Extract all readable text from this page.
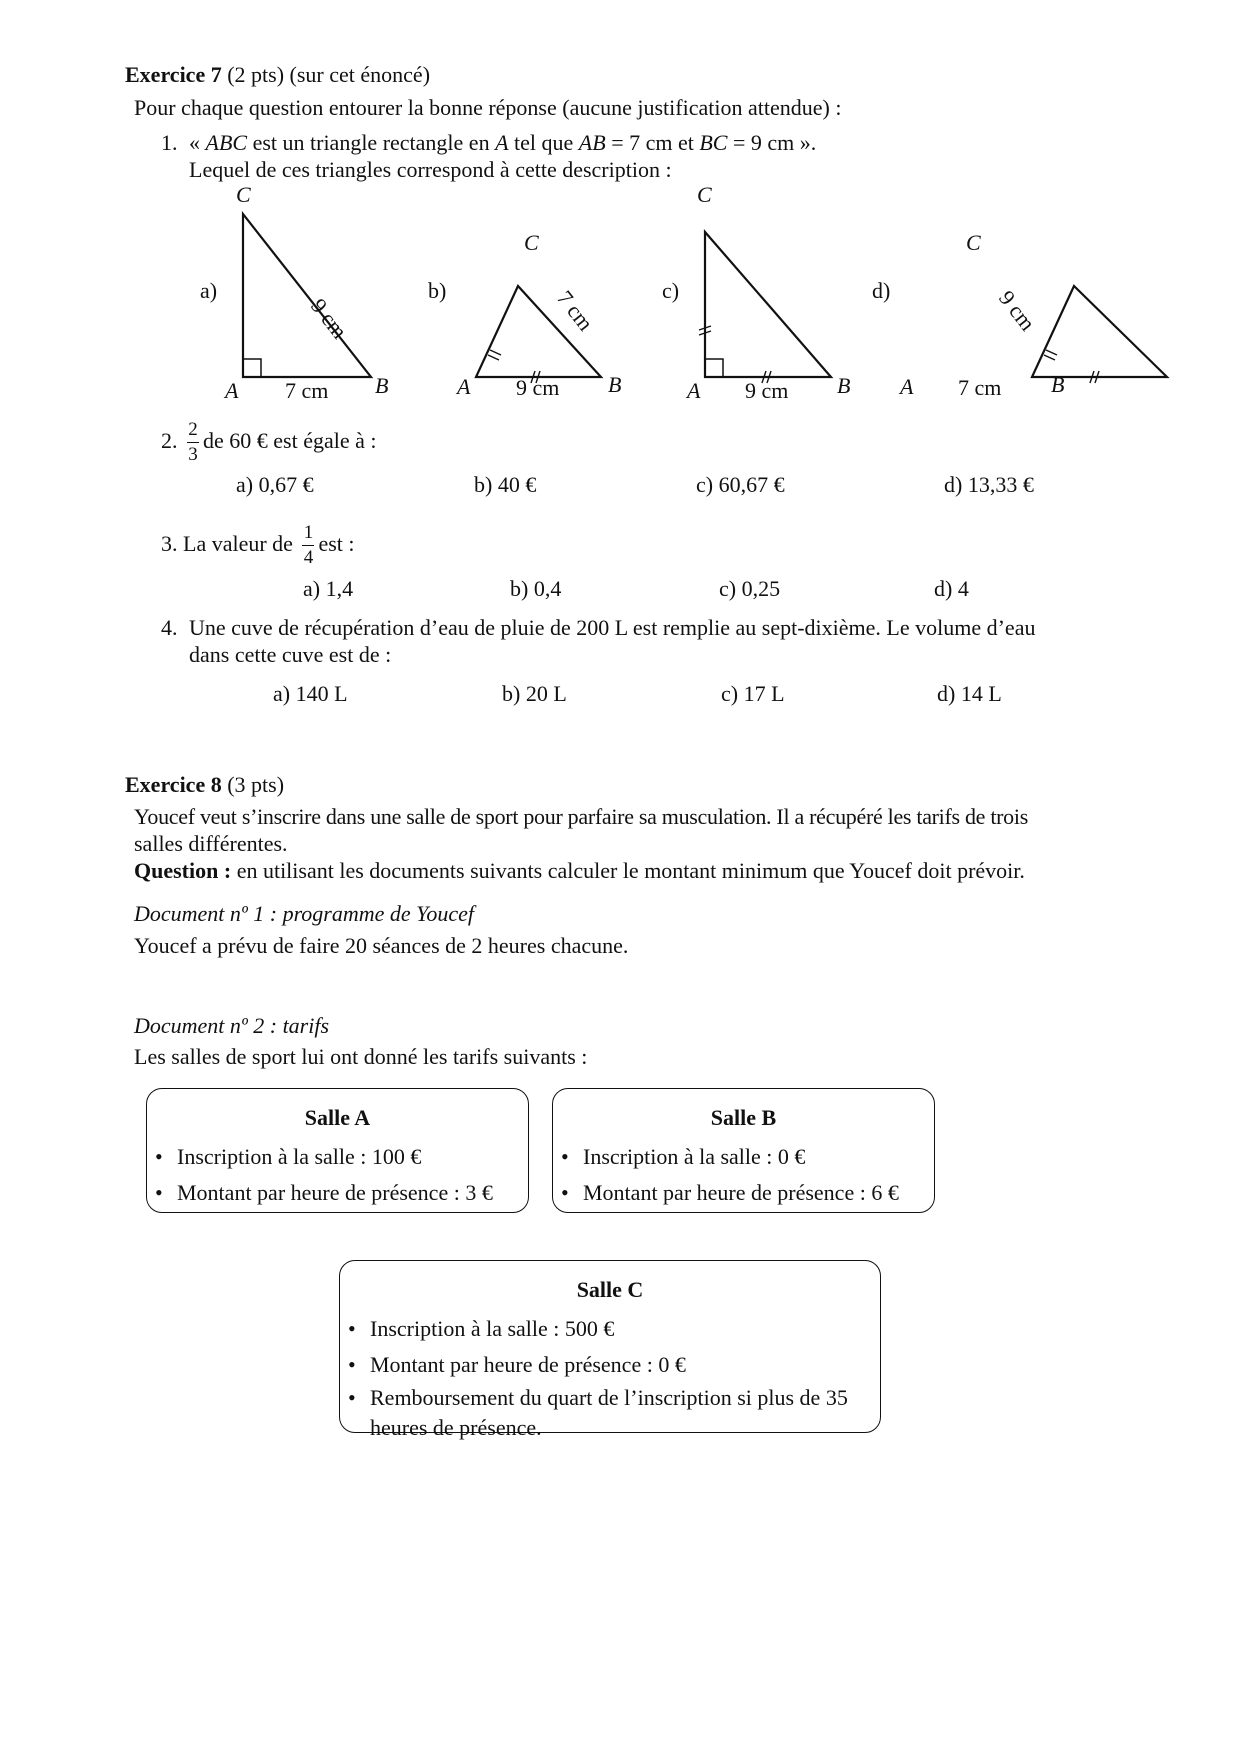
Exercice 7 (2 pts) (sur cet énoncé)
Pour chaque question entourer la bonne réponse (aucune justification attendue) :
1. « ABC est un triangle rectangle en A tel que AB = 7 cm et BC = 9 cm ».
Lequel de ces triangles correspond à cette description :
a)
C
A	B
7 cm
9 cm
b)
C
A	B
9 cm
7 cm	c)
C
A	B
9 cm
d)
C
A	B
7 cm
9 cm
2. $\frac{2}{3}$ de 60 € est égale à :
a) 0,67 €	b) 40 €	c) 60,67 €	d) 13,33 €
3. La valeur de $\frac{1}{4}$ est :
a) 1,4	b) 0,4	c) 0,25	d) 4
4. Une cuve de récupération d’eau de pluie de 200 L est remplie au sept-dixième. Le volume d’eau
dans cette cuve est de :
a) 140 L	b) 20 L	c) 17 L	d) 14 L
Exercice 8 (3 pts)
Youcef veut s’inscrire dans une salle de sport pour parfaire sa musculation. Il a récupéré les tarifs de trois
salles différentes.
Question : en utilisant les documents suivants calculer le montant minimum que Youcef doit prévoir.
Document nº 1 : programme de Youcef
Youcef a prévu de faire 20 séances de 2 heures chacune.
Document nº 2 : tarifs
Les salles de sport lui ont donné les tarifs suivants :
Salle A
• Inscription à la salle : 100 €
• Montant par heure de présence : 3 €
Salle B
• Inscription à la salle : 0 €
• Montant par heure de présence : 6 €
Salle C
• Inscription à la salle : 500 €
• Montant par heure de présence : 0 €
• Remboursement du quart de l’inscription si plus de 35 heures de présence.
